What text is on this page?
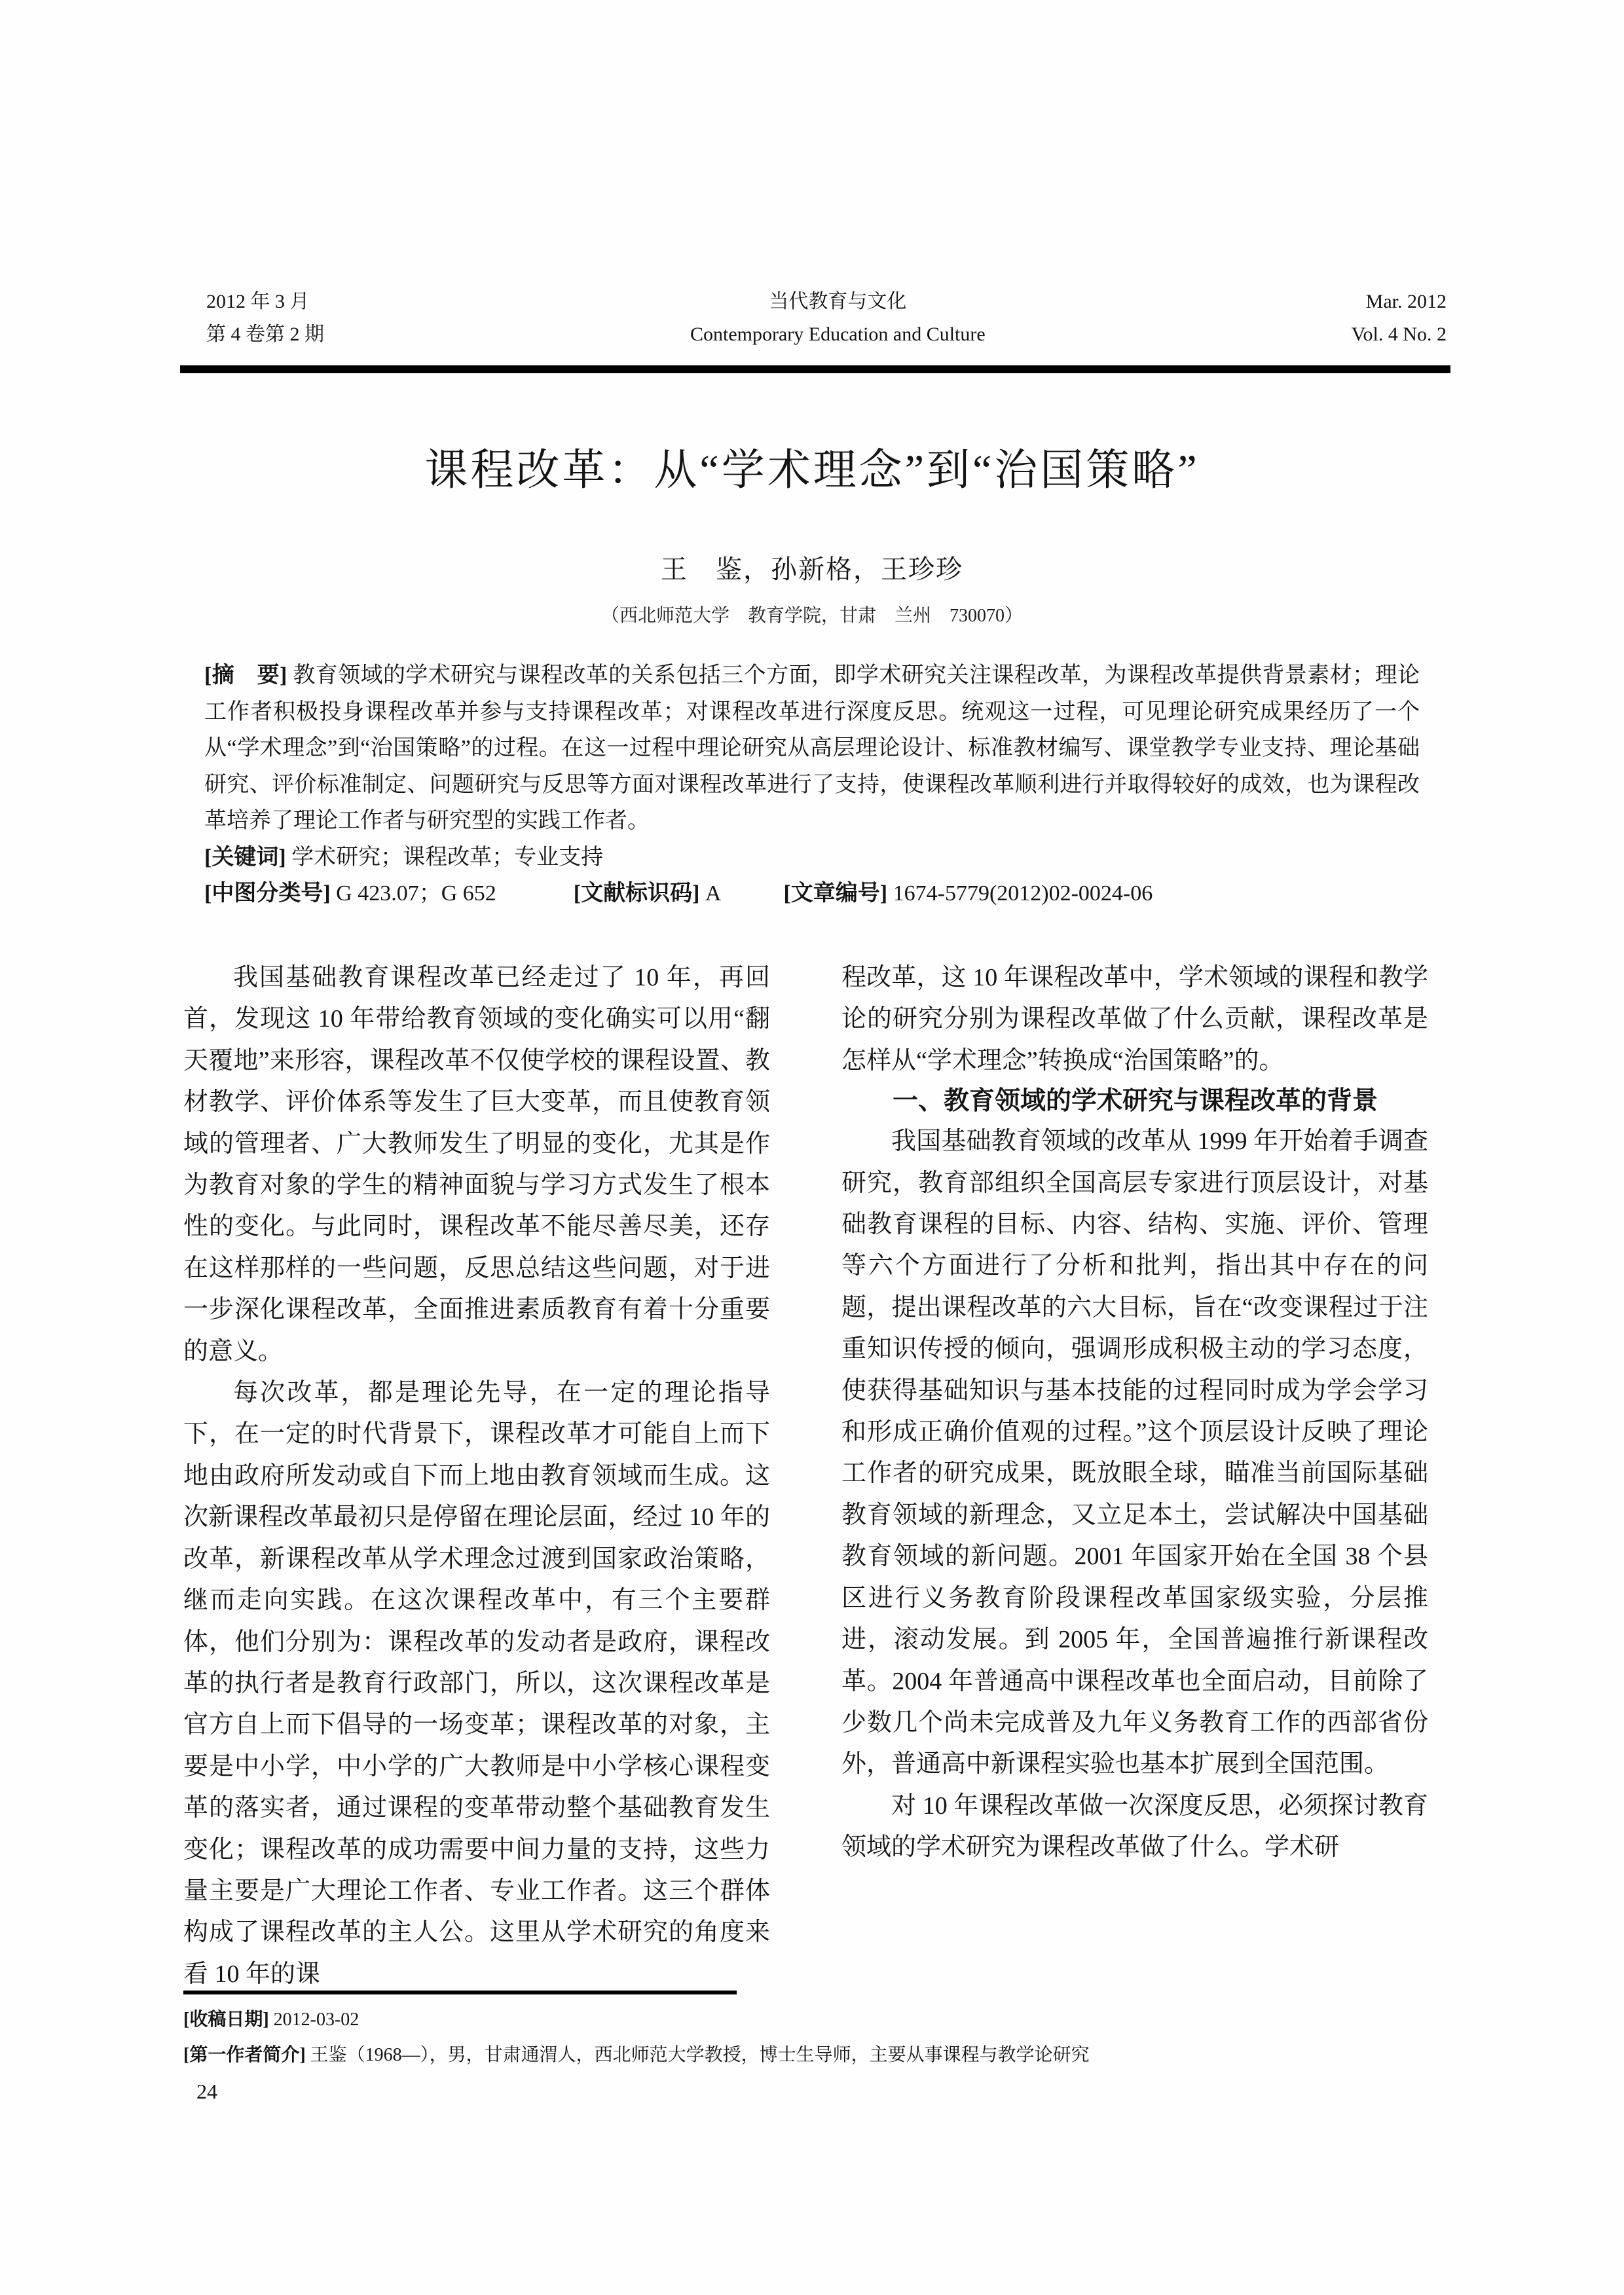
2012 年 3 月
第 4 卷第 2 期
当代教育与文化
Contemporary Education and Culture
Mar. 2012
Vol. 4 No. 2
课程改革：从“学术理念”到“治国策略”
王　鉴，孙新格，王珍珍
（西北师范大学　教育学院，甘肃　兰州　730070）

[摘　要] 教育领域的学术研究与课程改革的关系包括三个方面，即学术研究关注课程改革，为课程改革提供背景素材；理论工作者积极投身课程改革并参与支持课程改革；对课程改革进行深度反思。统观这一过程，可见理论研究成果经历了一个从“学术理念”到“治国策略”的过程。在这一过程中理论研究从高层理论设计、标准教材编写、课堂教学专业支持、理论基础研究、评价标准制定、问题研究与反思等方面对课程改革进行了支持，使课程改革顺利进行并取得较好的成效，也为课程改革培养了理论工作者与研究型的实践工作者。

[关键词] 学术研究；课程改革；专业支持

[中图分类号] G 423.07；G 652	[文献标识码] A	[文章编号] 1674-5779(2012)02-0024-06

我国基础教育课程改革已经走过了 10 年，再回首，发现这 10 年带给教育领域的变化确实可以用“翻天覆地”来形容，课程改革不仅使学校的课程设置、教材教学、评价体系等发生了巨大变革，而且使教育领域的管理者、广大教师发生了明显的变化，尤其是作为教育对象的学生的精神面貌与学习方式发生了根本性的变化。与此同时，课程改革不能尽善尽美，还存在这样那样的一些问题，反思总结这些问题，对于进一步深化课程改革，全面推进素质教育有着十分重要的意义。

每次改革，都是理论先导，在一定的理论指导下，在一定的时代背景下，课程改革才可能自上而下地由政府所发动或自下而上地由教育领域而生成。这次新课程改革最初只是停留在理论层面，经过 10 年的改革，新课程改革从学术理念过渡到国家政治策略，继而走向实践。在这次课程改革中，有三个主要群体，他们分别为：课程改革的发动者是政府，课程改革的执行者是教育行政部门，所以，这次课程改革是官方自上而下倡导的一场变革；课程改革的对象，主要是中小学，中小学的广大教师是中小学核心课程变革的落实者，通过课程的变革带动整个基础教育发生变化；课程改革的成功需要中间力量的支持，这些力量主要是广大理论工作者、专业工作者。这三个群体构成了课程改革的主人公。这里从学术研究的角度来看 10 年的课

程改革，这 10 年课程改革中，学术领域的课程和教学论的研究分别为课程改革做了什么贡献，课程改革是怎样从“学术理念”转换成“治国策略”的。

一、教育领域的学术研究与课程改革的背景

我国基础教育领域的改革从 1999 年开始着手调查研究，教育部组织全国高层专家进行顶层设计，对基础教育课程的目标、内容、结构、实施、评价、管理等六个方面进行了分析和批判，指出其中存在的问题，提出课程改革的六大目标，旨在“改变课程过于注重知识传授的倾向，强调形成积极主动的学习态度，使获得基础知识与基本技能的过程同时成为学会学习和形成正确价值观的过程。”这个顶层设计反映了理论工作者的研究成果，既放眼全球，瞄准当前国际基础教育领域的新理念，又立足本土，尝试解决中国基础教育领域的新问题。2001 年国家开始在全国 38 个县区进行义务教育阶段课程改革国家级实验，分层推进，滚动发展。到 2005 年，全国普遍推行新课程改革。2004 年普通高中课程改革也全面启动，目前除了少数几个尚未完成普及九年义务教育工作的西部省份外，普通高中新课程实验也基本扩展到全国范围。

对 10 年课程改革做一次深度反思，必须探讨教育领域的学术研究为课程改革做了什么。学术研

[收稿日期] 2012-03-02
[第一作者简介] 王鉴（1968—），男，甘肃通渭人，西北师范大学教授，博士生导师，主要从事课程与教学论研究
24
